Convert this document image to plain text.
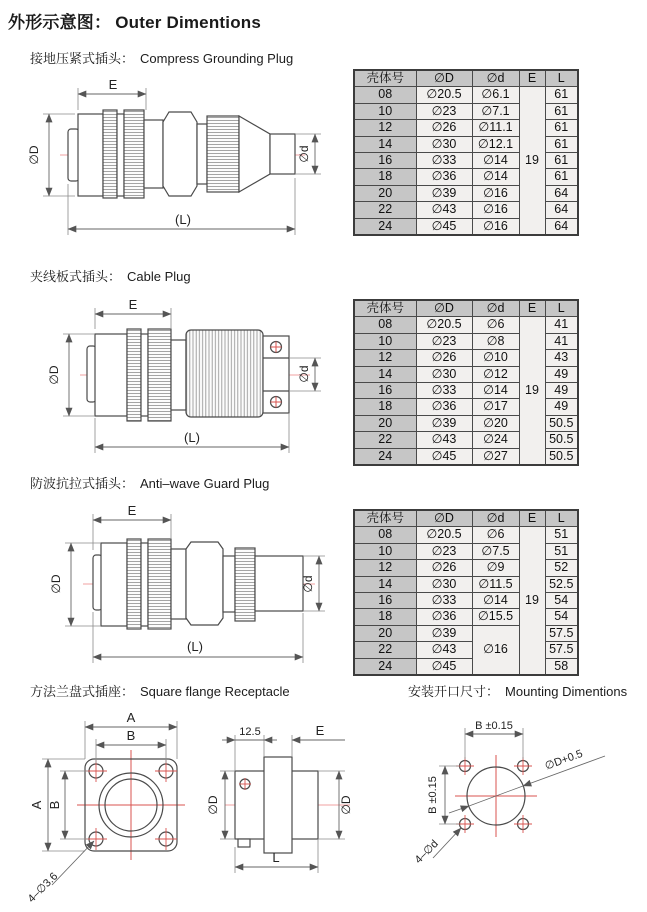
外形示意图： Outer Dimentions
接地压紧式插头： Compress Grounding Plug
夹线板式插头： Cable Plug
防波抗拉式插头： Anti–wave Guard Plug
方法兰盘式插座： Square flange Receptacle	安装开口尺寸： Mounting Dimentions
壳体号	∅D	∅d	E	L
08	∅20.5	∅6.1	19	61
10	∅23	∅7.1		61
12	∅26	∅11.1		61
14	∅30	∅12.1		61
16	∅33	∅14		61
18	∅36	∅14		61
20	∅39	∅16		64
22	∅43	∅16		64
24	∅45	∅16		64
壳体号	∅D	∅d	E	L
08	∅20.5	∅6	19	41
10	∅23	∅8		41
12	∅26	∅10		43
14	∅30	∅12		49
16	∅33	∅14		49
18	∅36	∅17		49
20	∅39	∅20		50.5
22	∅43	∅24		50.5
24	∅45	∅27		50.5
壳体号	∅D	∅d	E	L
08	∅20.5	∅6	19	51
10	∅23	∅7.5		51
12	∅26	∅9		52
14	∅30	∅11.5		52.5
16	∅33	∅14		54
18	∅36	∅15.5		54
20	∅39	∅16		57.5
22	∅43			57.5
24	∅45			58
E
∅D	∅d
(L)
E
∅D	∅d
(L)
E
∅D	∅d
(L)
A
B
A B
4–∅3.6
12.5	E
∅D	∅D
L
B ±0.15
B ±0.15
∅D+0.5
4–∅d
